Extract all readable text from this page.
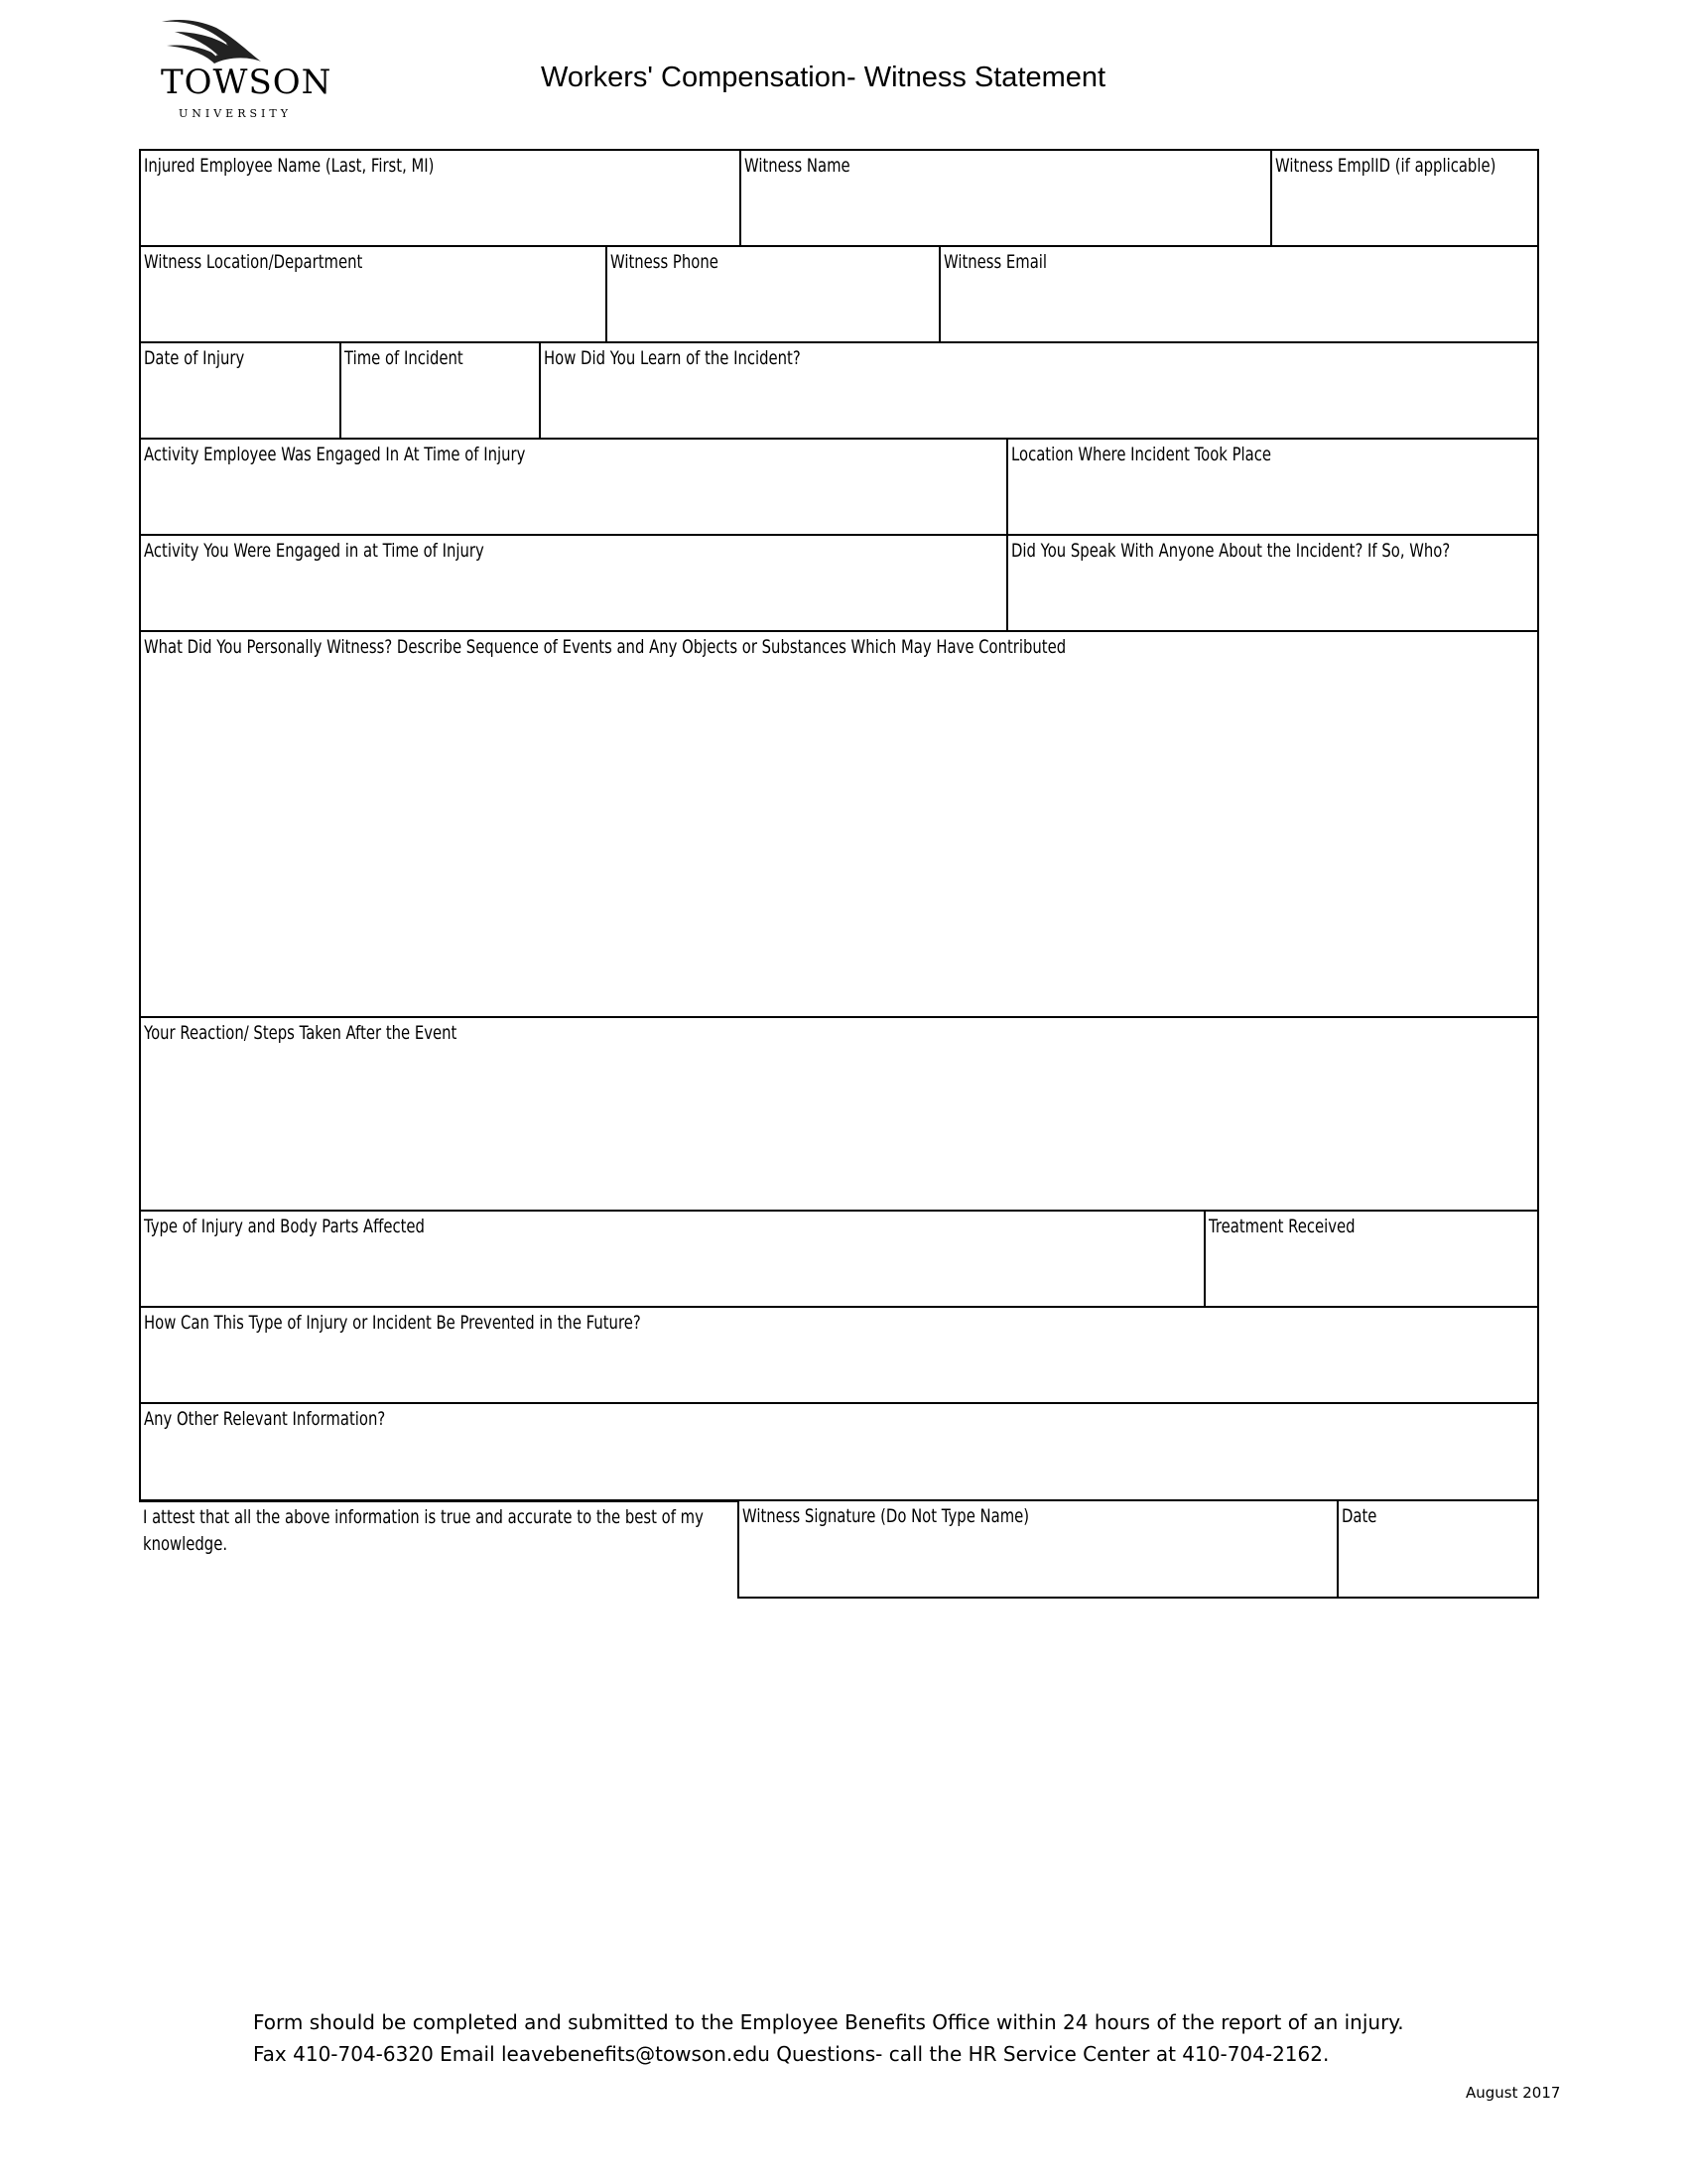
TOWSON
UNIVERSITY
Workers' Compensation- Witness Statement
Injured Employee Name (Last, First, MI)	Witness Name	Witness EmplID (if applicable)
Witness Location/Department	Witness Phone	Witness Email
Date of Injury	Time of Incident	How Did You Learn of the Incident?
Activity Employee Was Engaged In At Time of Injury	Location Where Incident Took Place
Activity You Were Engaged in at Time of Injury	Did You Speak With Anyone About the Incident? If So, Who?
What Did You Personally Witness? Describe Sequence of Events and Any Objects or Substances Which May Have Contributed
Your Reaction/ Steps Taken After the Event
Type of Injury and Body Parts Affected	Treatment Received
How Can This Type of Injury or Incident Be Prevented in the Future?
Any Other Relevant Information?
I attest that all the above information is true and accurate to the best of my knowledge.
Witness Signature (Do Not Type Name)	Date
Form should be completed and submitted to the Employee Benefits Office within 24 hours of the report of an injury.
Fax 410-704-6320 Email leavebenefits@towson.edu Questions- call the HR Service Center at 410-704-2162.
August 2017
